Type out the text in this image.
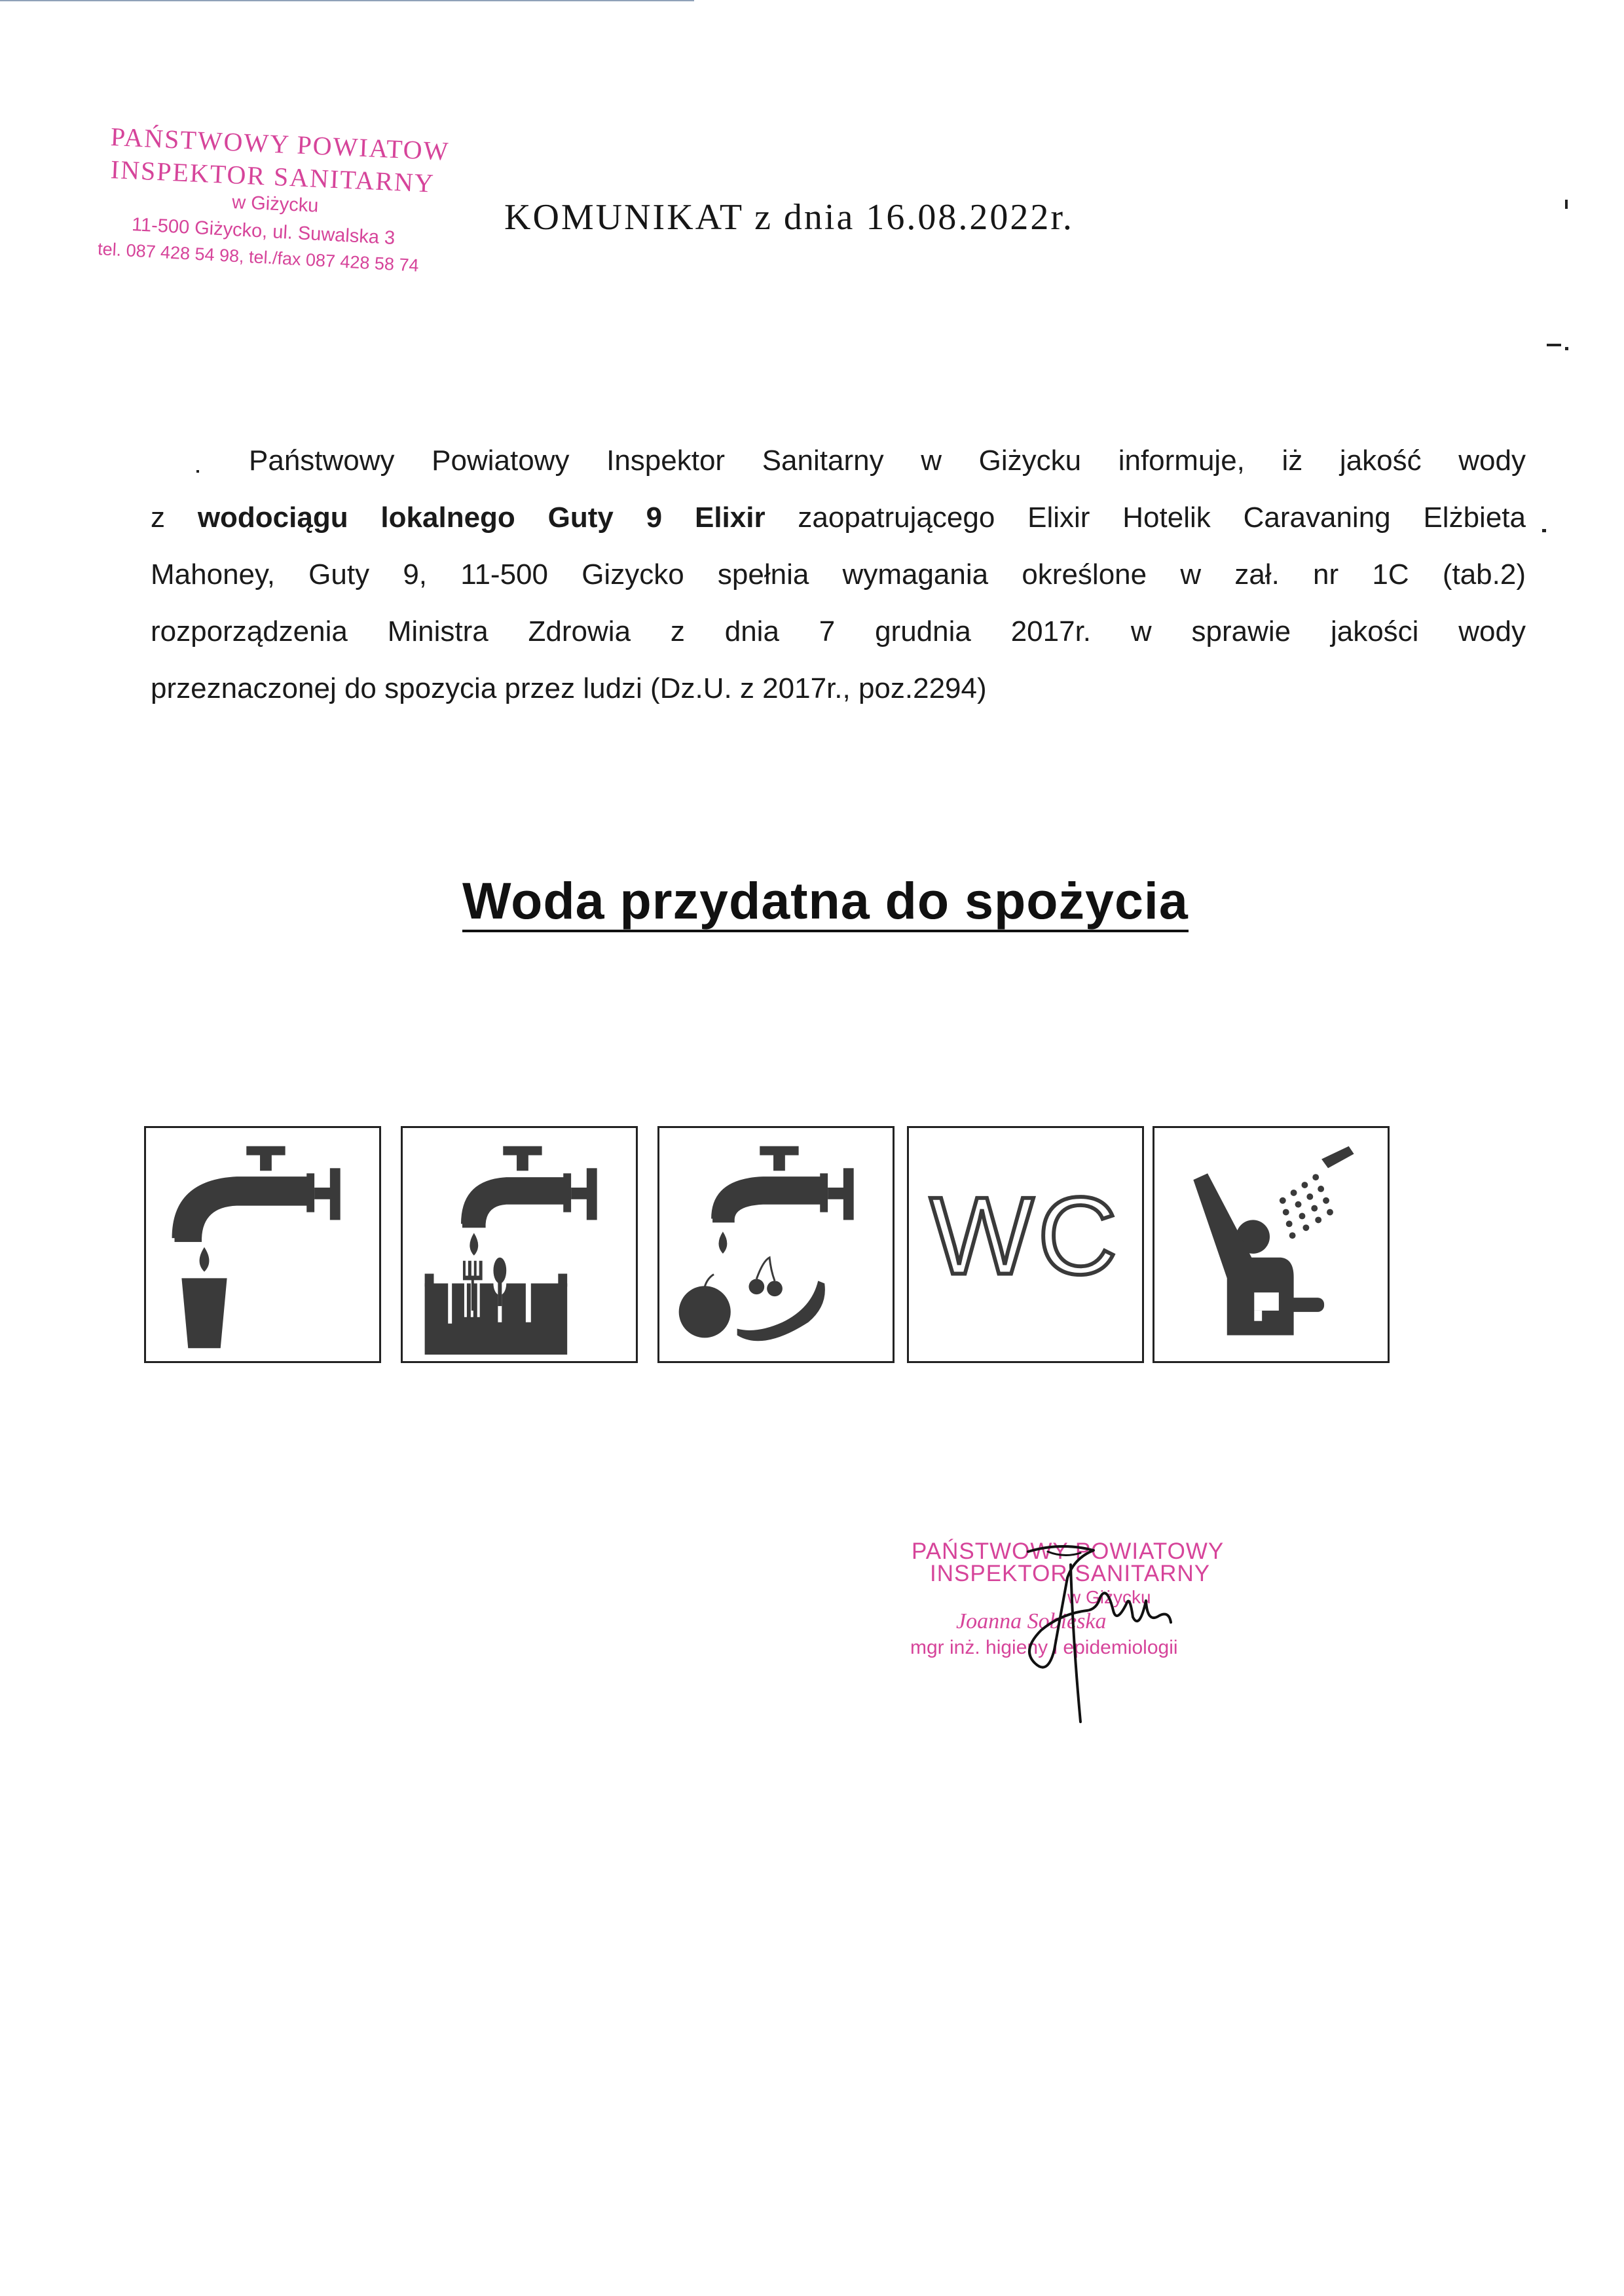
PAŃSTWOWY POWIATOW
INSPEKTOR SANITARNY
w Giżycku
11-500 Giżycko, ul. Suwalska 3
tel. 087 428 54 98, tel./fax 087 428 58 74
KOMUNIKAT z dnia 16.08.2022r.
Państwowy Powiatowy Inspektor Sanitarny w Giżycku informuje, iż jakość wody
z wodociągu lokalnego Guty 9 Elixir zaopatrującego Elixir Hotelik Caravaning Elżbieta
Mahoney, Guty 9, 11-500 Gizycko spełnia wymagania określone w zał. nr 1C (tab.2)
rozporządzenia Ministra Zdrowia z dnia 7 grudnia 2017r. w sprawie jakości wody
przeznaczonej do spozycia przez ludzi (Dz.U. z 2017r., poz.2294)
Woda przydatna do spożycia
WC
PAŃSTWOWY POWIATOWY
INSPEKTOR SANITARNY
w Giżycku
Joanna Sobieska
mgr inż. higieny i epidemiologii
